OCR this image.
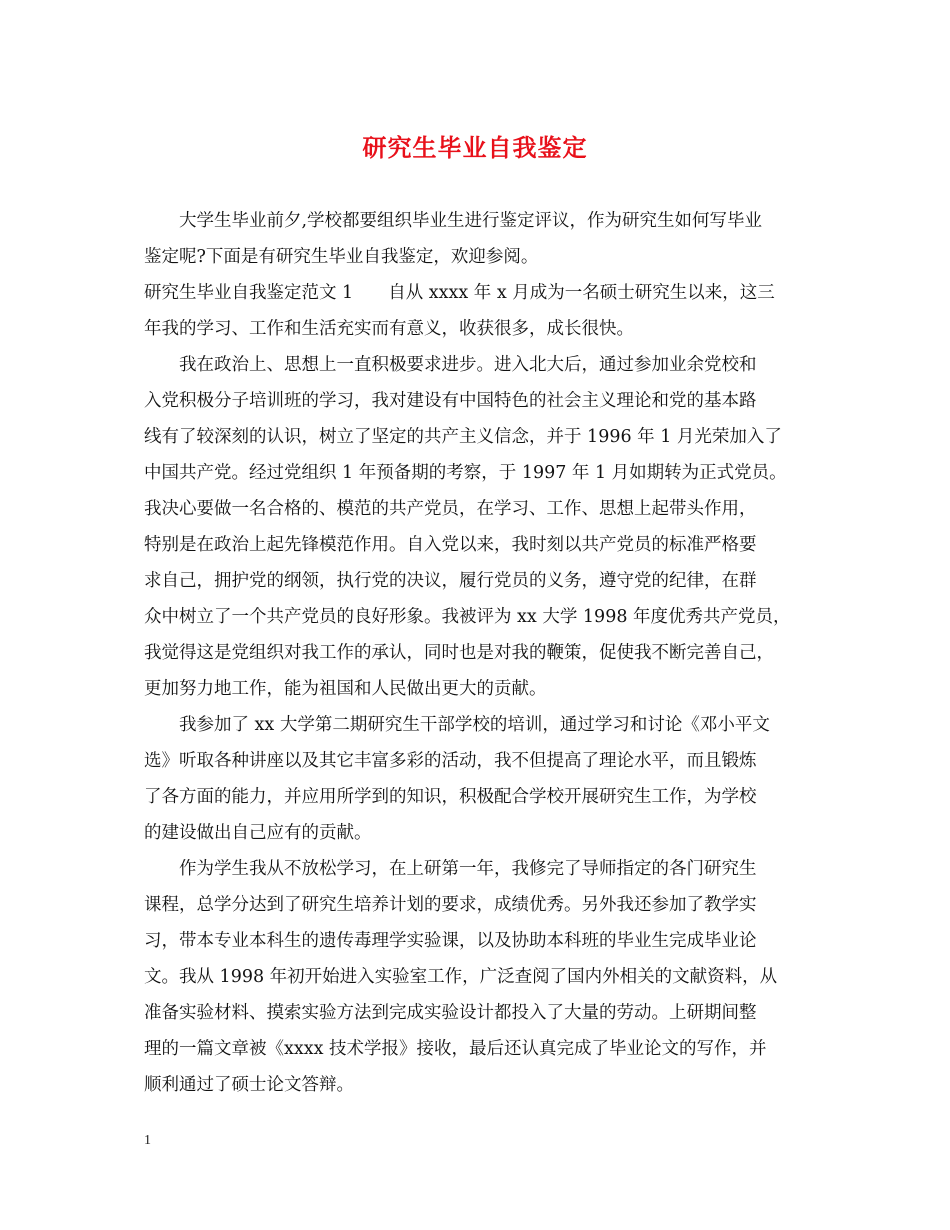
研究生毕业自我鉴定
大学生毕业前夕,学校都要组织毕业生进行鉴定评议，作为研究生如何写毕业
鉴定呢?下面是有研究生毕业自我鉴定，欢迎参阅。
研究生毕业自我鉴定范文 1　　自从 xxxx 年 x 月成为一名硕士研究生以来，这三
年我的学习、工作和生活充实而有意义，收获很多，成长很快。
我在政治上、思想上一直积极要求进步。进入北大后，通过参加业余党校和
入党积极分子培训班的学习，我对建设有中国特色的社会主义理论和党的基本路
线有了较深刻的认识，树立了坚定的共产主义信念，并于 1996 年 1 月光荣加入了
中国共产党。经过党组织 1 年预备期的考察，于 1997 年 1 月如期转为正式党员。
我决心要做一名合格的、模范的共产党员，在学习、工作、思想上起带头作用，
特别是在政治上起先锋模范作用。自入党以来，我时刻以共产党员的标准严格要
求自己，拥护党的纲领，执行党的决议，履行党员的义务，遵守党的纪律，在群
众中树立了一个共产党员的良好形象。我被评为 xx 大学 1998 年度优秀共产党员，
我觉得这是党组织对我工作的承认，同时也是对我的鞭策，促使我不断完善自己，
更加努力地工作，能为祖国和人民做出更大的贡献。
我参加了 xx 大学第二期研究生干部学校的培训，通过学习和讨论《邓小平文
选》听取各种讲座以及其它丰富多彩的活动，我不但提高了理论水平，而且锻炼
了各方面的能力，并应用所学到的知识，积极配合学校开展研究生工作，为学校
的建设做出自己应有的贡献。
作为学生我从不放松学习，在上研第一年，我修完了导师指定的各门研究生
课程，总学分达到了研究生培养计划的要求，成绩优秀。另外我还参加了教学实
习，带本专业本科生的遗传毒理学实验课，以及协助本科班的毕业生完成毕业论
文。我从 1998 年初开始进入实验室工作，广泛查阅了国内外相关的文献资料，从
准备实验材料、摸索实验方法到完成实验设计都投入了大量的劳动。上研期间整
理的一篇文章被《xxxx 技术学报》接收，最后还认真完成了毕业论文的写作，并
顺利通过了硕士论文答辩。
1
